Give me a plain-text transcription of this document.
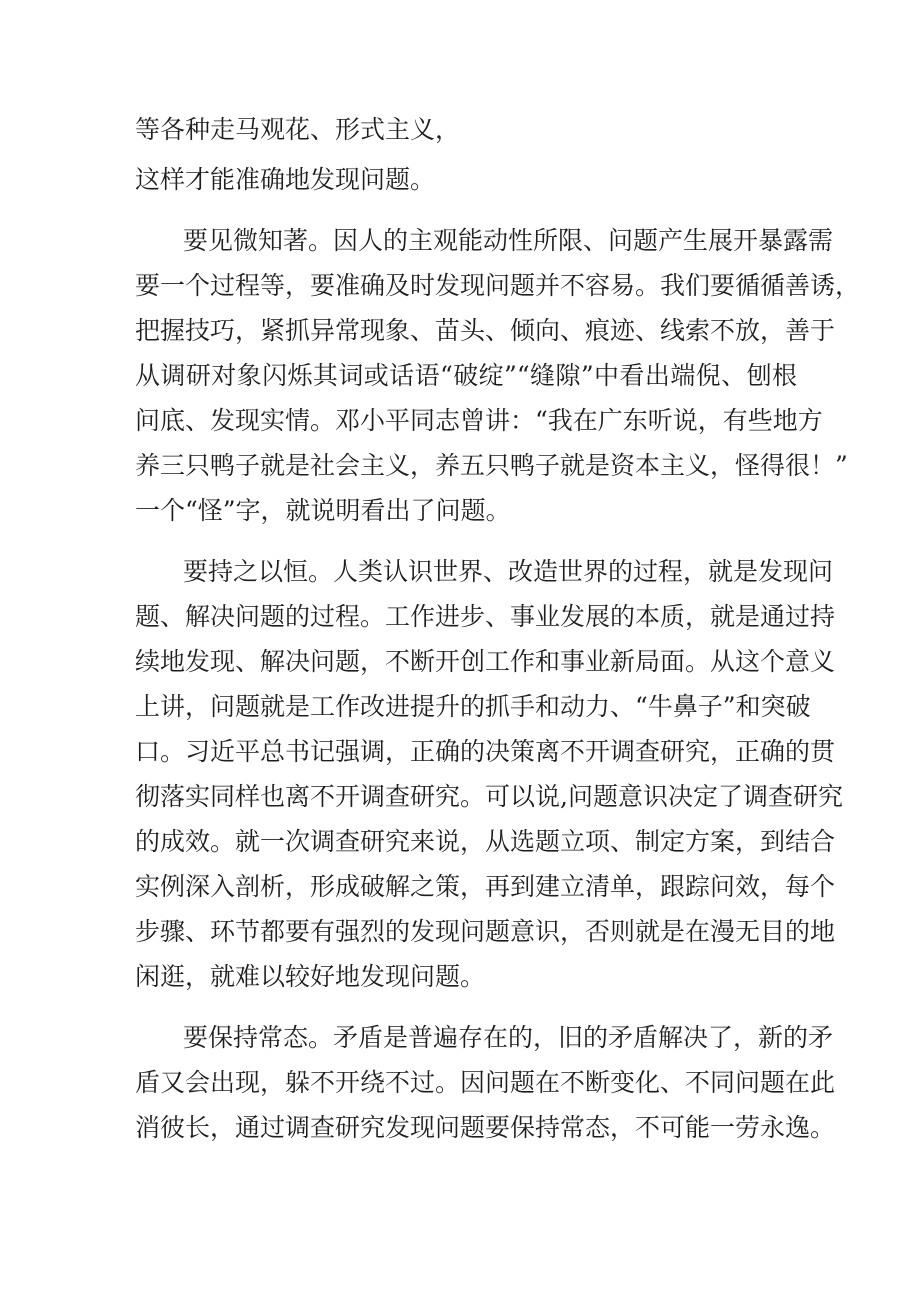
等各种走马观花、形式主义，

这样才能准确地发现问题。

要见微知著。因人的主观能动性所限、问题产生展开暴露需

要一个过程等，要准确及时发现问题并不容易。我们要循循善诱，

把握技巧，紧抓异常现象、苗头、倾向、痕迹、线索不放，善于

从调研对象闪烁其词或话语“破绽”“缝隙”中看出端倪、刨根

问底、发现实情。邓小平同志曾讲：“我在广东听说，有些地方

养三只鸭子就是社会主义，养五只鸭子就是资本主义，怪得很！”

一个“怪”字，就说明看出了问题。

要持之以恒。人类认识世界、改造世界的过程，就是发现问

题、解决问题的过程。工作进步、事业发展的本质，就是通过持

续地发现、解决问题，不断开创工作和事业新局面。从这个意义

上讲，问题就是工作改进提升的抓手和动力、“牛鼻子”和突破

口。习近平总书记强调，正确的决策离不开调查研究，正确的贯

彻落实同样也离不开调查研究。可以说,问题意识决定了调查研究

的成效。就一次调查研究来说，从选题立项、制定方案，到结合

实例深入剖析，形成破解之策，再到建立清单，跟踪问效，每个

步骤、环节都要有强烈的发现问题意识，否则就是在漫无目的地

闲逛，就难以较好地发现问题。

要保持常态。矛盾是普遍存在的，旧的矛盾解决了，新的矛

盾又会出现，躲不开绕不过。因问题在不断变化、不同问题在此

消彼长，通过调查研究发现问题要保持常态，不可能一劳永逸。
